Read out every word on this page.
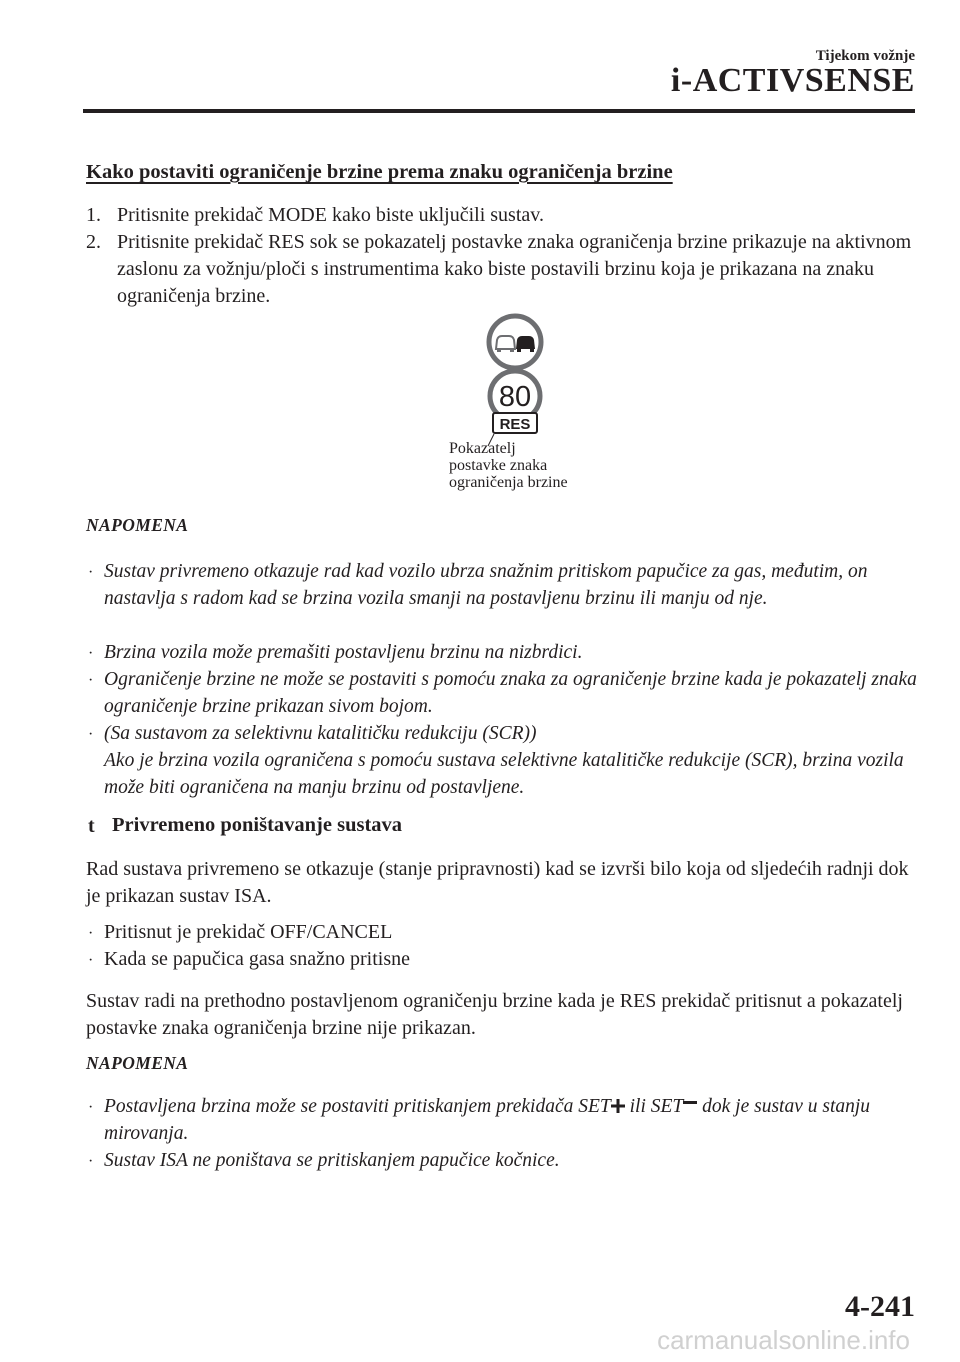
Tijekom vožnje
i-ACTIVSENSE
Kako postaviti ograničenje brzine prema znaku ograničenja brzine
1. Pritisnite prekidač MODE kako biste uključili sustav.
2. Pritisnite prekidač RES sok se pokazatelj postavke znaka ograničenja brzine prikazuje na aktivnom zaslonu za vožnju/ploči s instrumentima kako biste postavili brzinu koja je prikazana na znaku ograničenja brzine.
80
RES
Pokazatelj
postavke znaka
ograničenja brzine
NAPOMENA
· Sustav privremeno otkazuje rad kad vozilo ubrza snažnim pritiskom papučice za gas, međutim, on nastavlja s radom kad se brzina vozila smanji na postavljenu brzinu ili manju od nje.
· Brzina vozila može premašiti postavljenu brzinu na nizbrdici.
· Ograničenje brzine ne može se postaviti s pomoću znaka za ograničenje brzine kada je pokazatelj znaka ograničenje brzine prikazan sivom bojom.
· (Sa sustavom za selektivnu katalitičku redukciju (SCR))
Ako je brzina vozila ograničena s pomoću sustava selektivne katalitičke redukcije (SCR), brzina vozila može biti ograničena na manju brzinu od postavljene.
t Privremeno poništavanje sustava
Rad sustava privremeno se otkazuje (stanje pripravnosti) kad se izvrši bilo koja od sljedećih radnji dok je prikazan sustav ISA.
· Pritisnut je prekidač OFF/CANCEL
· Kada se papučica gasa snažno pritisne
Sustav radi na prethodno postavljenom ograničenju brzine kada je RES prekidač pritisnut a pokazatelj postavke znaka ograničenja brzine nije prikazan.
NAPOMENA
· Postavljena brzina može se postaviti pritiskanjem prekidača SET ili SET dok je sustav u stanju mirovanja.
· Sustav ISA ne poništava se pritiskanjem papučice kočnice.
4-241
carmanualsonline.info
